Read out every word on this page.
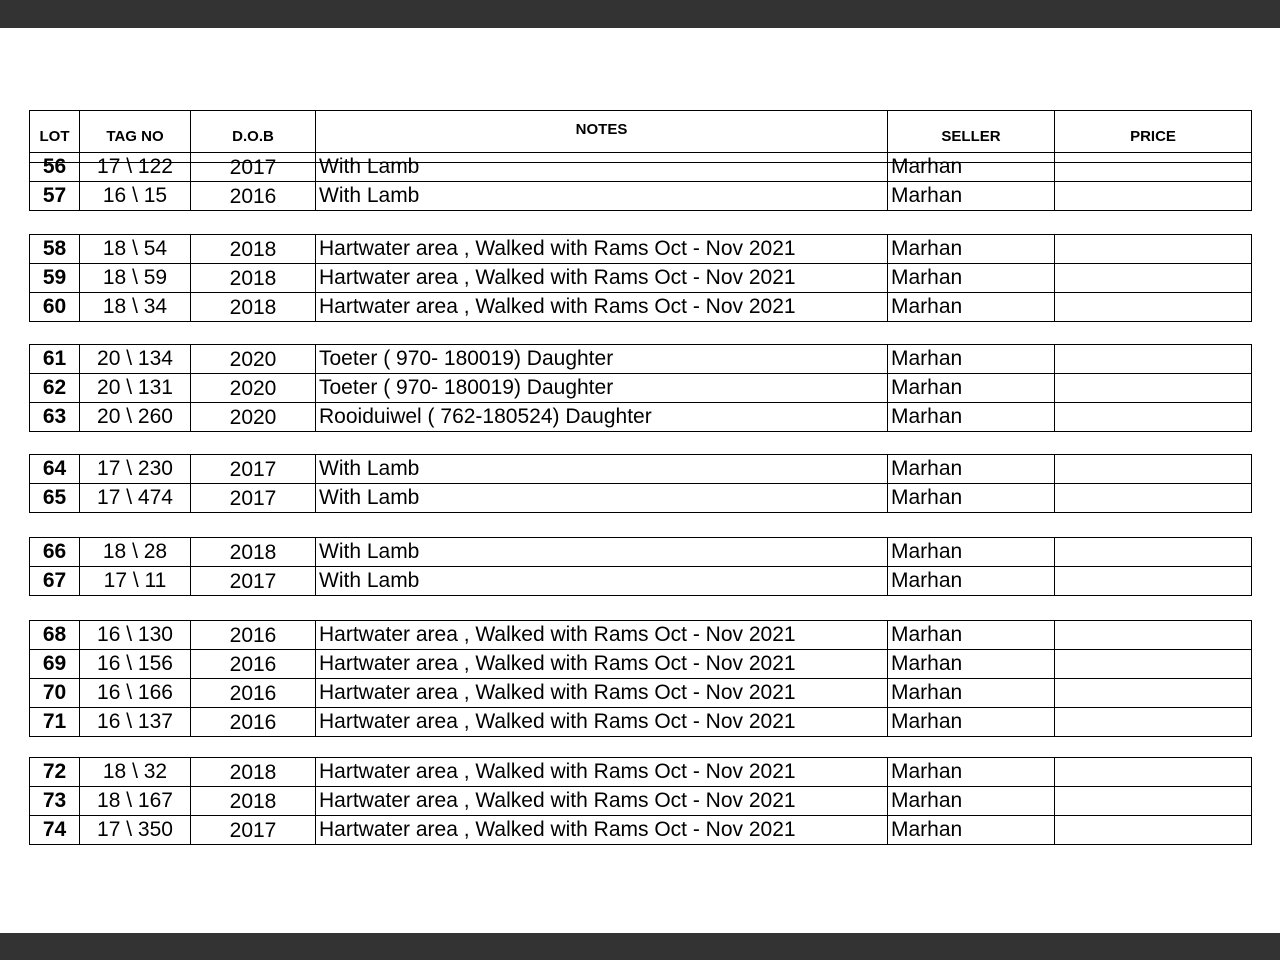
LOT	TAG NO	D.O.B	NOTES	SELLER	PRICE
56	17 \ 122	2017	With Lamb	Marhan	
57	16 \ 15	2016	With Lamb	Marhan	
58	18 \ 54	2018	Hartwater area , Walked with Rams Oct - Nov 2021	Marhan	
59	18 \ 59	2018	Hartwater area , Walked with Rams Oct - Nov 2021	Marhan	
60	18 \ 34	2018	Hartwater area , Walked with Rams Oct - Nov 2021	Marhan	
61	20 \ 134	2020	Toeter ( 970- 180019) Daughter	Marhan	
62	20 \ 131	2020	Toeter ( 970- 180019) Daughter	Marhan	
63	20 \ 260	2020	Rooiduiwel ( 762-180524) Daughter	Marhan	
64	17 \ 230	2017	With Lamb	Marhan	
65	17 \ 474	2017	With Lamb	Marhan	
66	18 \ 28	2018	With Lamb	Marhan	
67	17 \ 11	2017	With Lamb	Marhan	
68	16 \ 130	2016	Hartwater area , Walked with Rams Oct - Nov 2021	Marhan	
69	16 \ 156	2016	Hartwater area , Walked with Rams Oct - Nov 2021	Marhan	
70	16 \ 166	2016	Hartwater area , Walked with Rams Oct - Nov 2021	Marhan	
71	16 \ 137	2016	Hartwater area , Walked with Rams Oct - Nov 2021	Marhan	
72	18 \ 32	2018	Hartwater area , Walked with Rams Oct - Nov 2021	Marhan	
73	18 \ 167	2018	Hartwater area , Walked with Rams Oct - Nov 2021	Marhan	
74	17 \ 350	2017	Hartwater area , Walked with Rams Oct - Nov 2021	Marhan	
